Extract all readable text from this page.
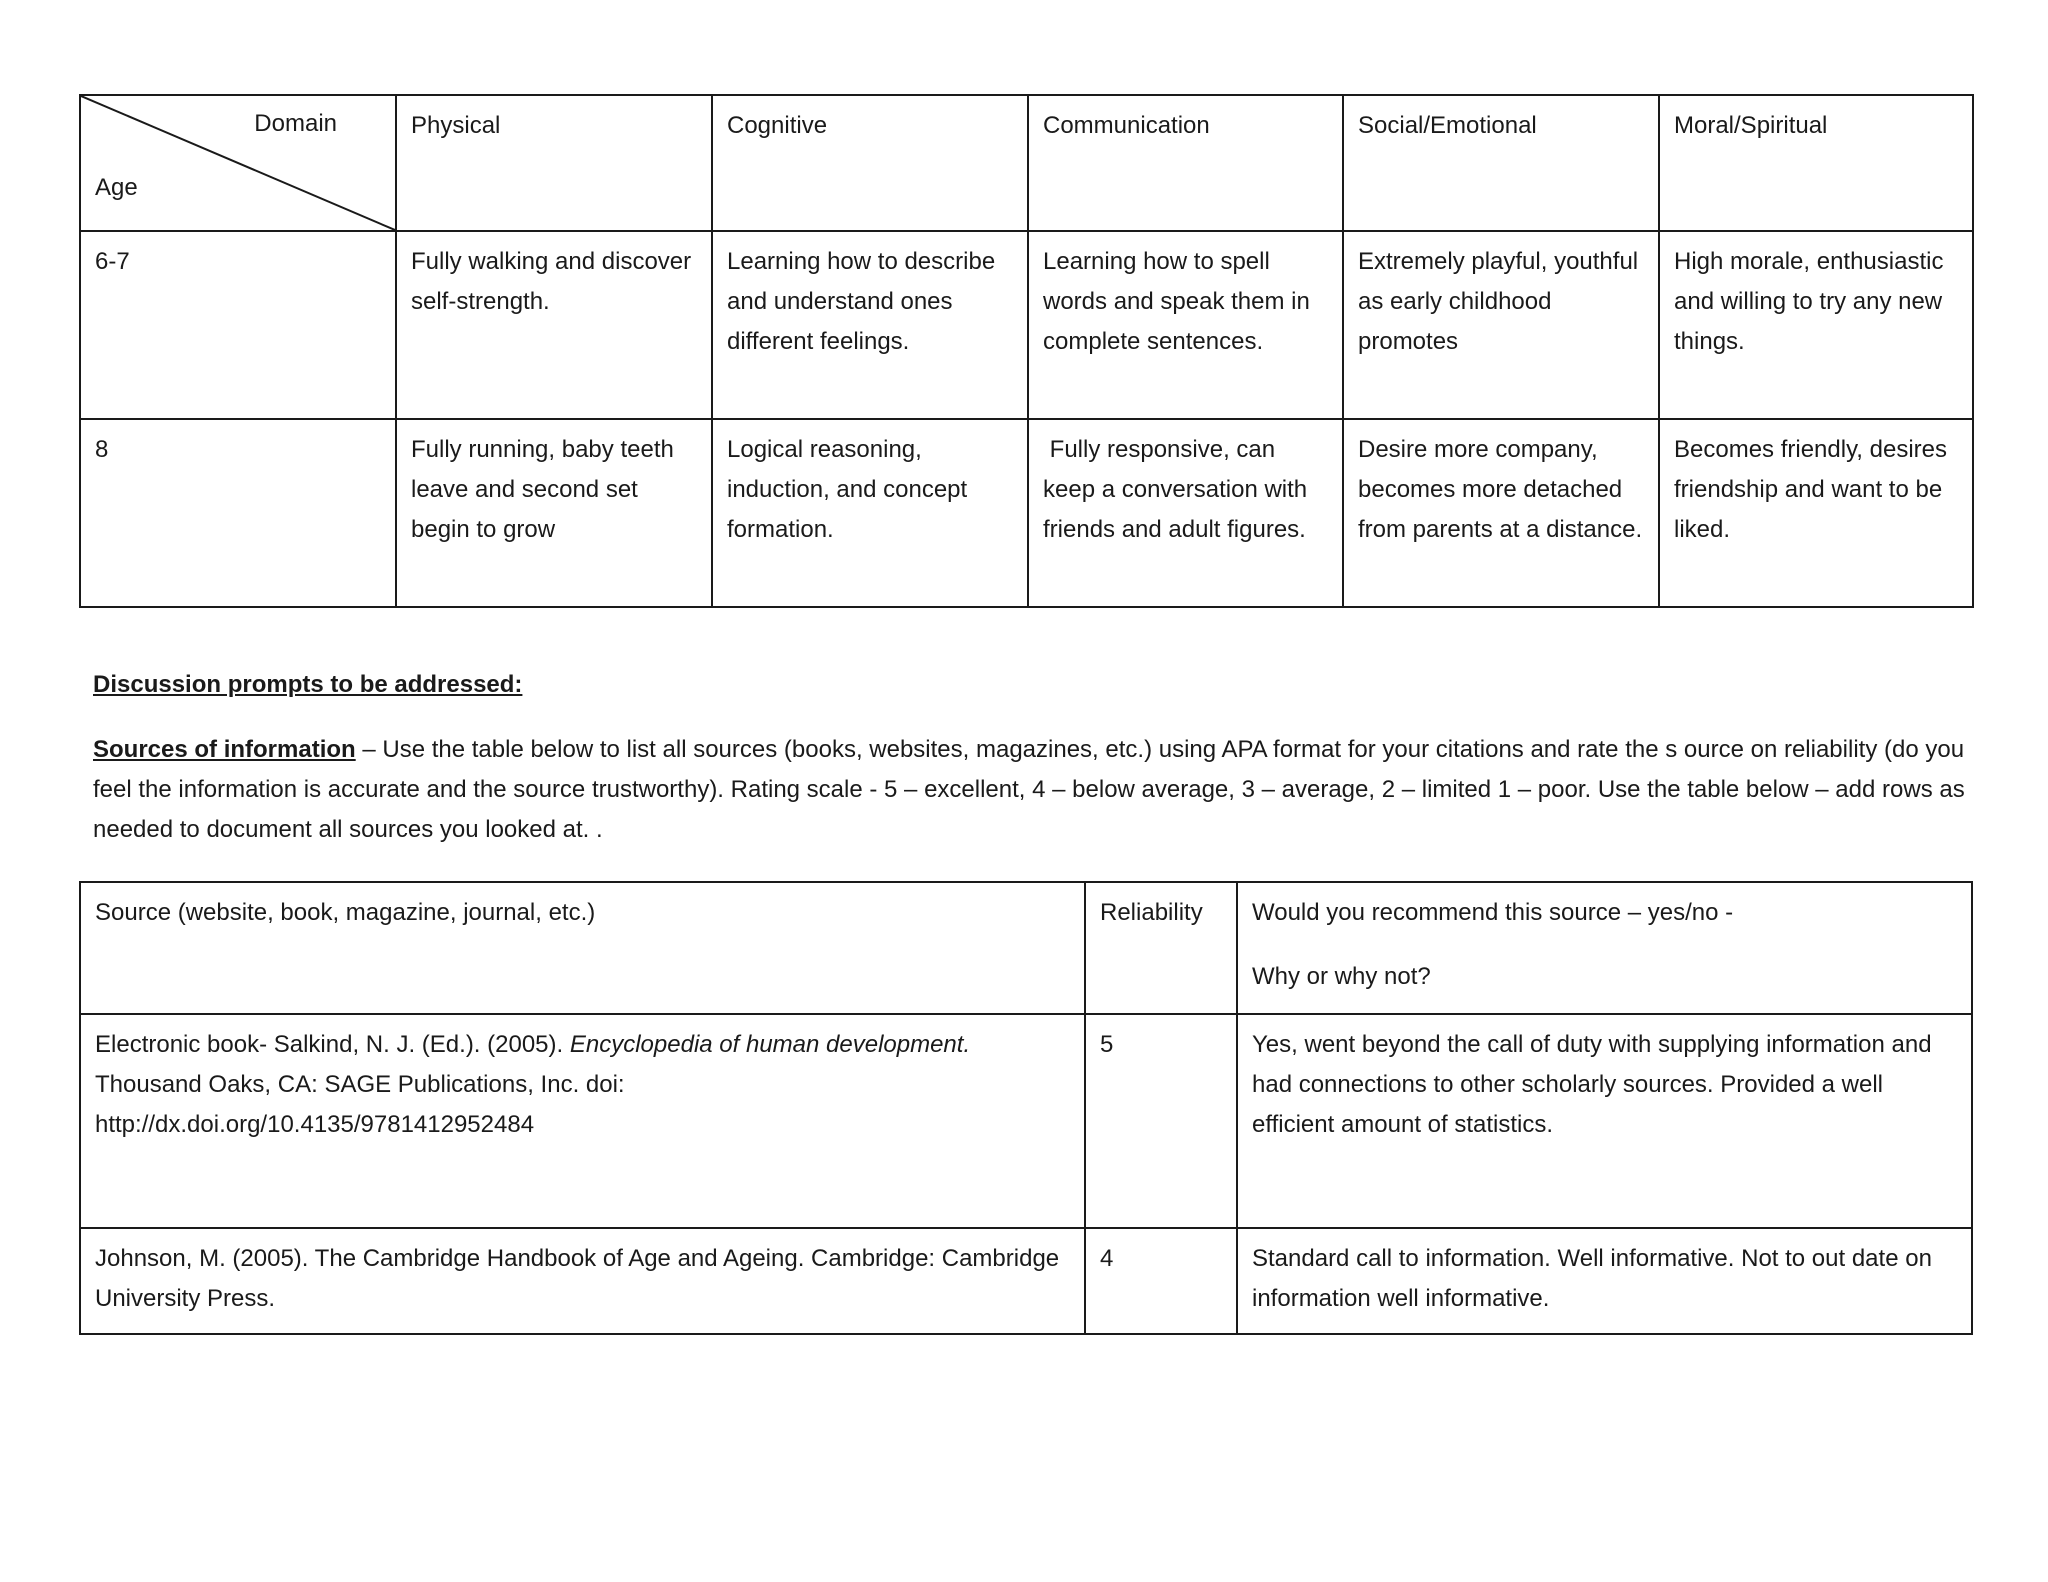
Domain
Age	Physical	Cognitive	Communication	Social/Emotional	Moral/Spiritual
6-7	Fully walking and discover self-strength.	Learning how to describe and understand ones different feelings.	Learning how to spell words and speak them in complete sentences.	Extremely playful, youthful as early childhood promotes	High morale, enthusiastic and willing to try any new things.
8	Fully running, baby teeth leave and second set begin to grow	Logical reasoning, induction, and concept formation.	Fully responsive, can keep a conversation with friends and adult figures.	Desire more company, becomes more detached from parents at a distance.	Becomes friendly, desires friendship and want to be liked.

Discussion prompts to be addressed:

Sources of information – Use the table below to list all sources (books, websites, magazines, etc.) using APA format for your citations and rate the s ource on reliability (do you feel the information is accurate and the source trustworthy). Rating scale - 5 – excellent, 4 – below average, 3 – average, 2 – limited 1 – poor. Use the table below – add rows as needed to document all sources you looked at. .

Source (website, book, magazine, journal, etc.)	Reliability	Would you recommend this source – yes/no -
Why or why not?
Electronic book- Salkind, N. J. (Ed.). (2005). Encyclopedia of human development. Thousand Oaks, CA: SAGE Publications, Inc. doi: http://dx.doi.org/10.4135/9781412952484	5	Yes, went beyond the call of duty with supplying information and had connections to other scholarly sources. Provided a well efficient amount of statistics.
Johnson, M. (2005). The Cambridge Handbook of Age and Ageing. Cambridge: Cambridge University Press.	4	Standard call to information. Well informative. Not to out date on information well informative.
